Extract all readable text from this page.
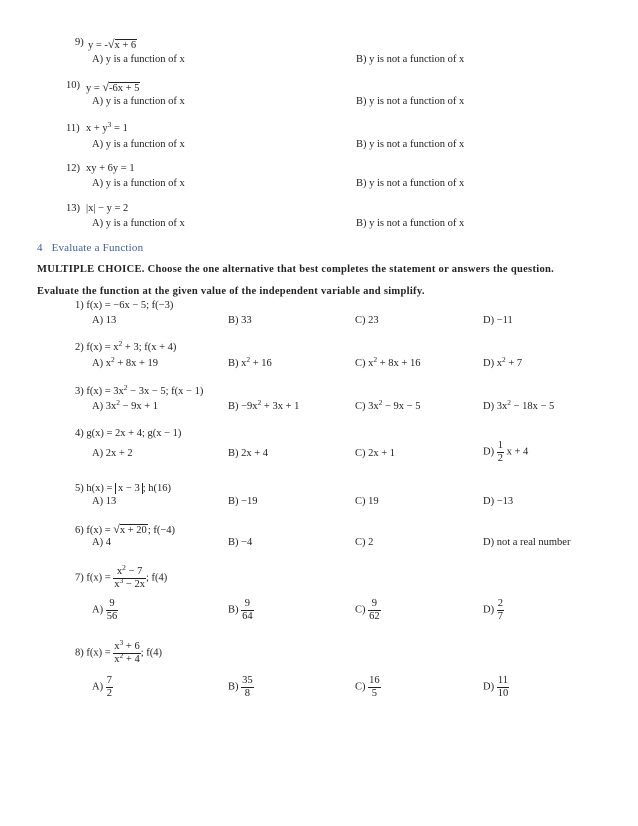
9) y = -√x + 6
A) y is a function of x	B) y is not a function of x
10) y = √-6x + 5
A) y is a function of x	B) y is not a function of x
11) $x + y^3 = 1$
A) y is a function of x	B) y is not a function of x
12) xy + 6y = 1
A) y is a function of x	B) y is not a function of x
13) |x| − y = 2
A) y is a function of x	B) y is not a function of x
4 Evaluate a Function
MULTIPLE CHOICE. Choose the one alternative that best completes the statement or answers the question.
Evaluate the function at the given value of the independent variable and simplify.
1) f(x) = −6x − 5; f(−3)
A) 13	B) 33	C) 23	D) −11
2) $f(x) = x^2 + 3$; f(x + 4)
A) $x^2 + 8x + 19$	B) $x^2 + 16$	C) $x^2 + 8x + 16$	D) $x^2 + 7$
3) $f(x) = 3x^2 - 3x - 5$; f(x − 1)
A) $3x^2 - 9x + 1$	$B) -9x^2 + 3x + 1$	C) $3x^2 - 9x - 5$	D) $3x^2 - 18x - 5$
4) g(x) = 2x + 4; g(x − 1)
A) 2x + 2	B) 2x + 4	C) 2x + 1	$D) \frac{1}{2}$ x + 4
5) h(x) = x − 3 ; h(16)
A) 13	B) −19	C) 19	D) −13
6) f(x) = √x + 20; f(−4)
A) 4	B) −4	C) 2	D) not a real number
7) $f(x) = \frac{x^2 - 7}{x^3 - 2x}$ ; f(4)
$A) \frac{9}{56}$	$B) \frac{9}{64}$	$C) \frac{9}{62}$	$D) \frac{2}{7}$
8) $f(x) = \frac{x^3 + 6}{x^2 + 4}$ ; f(4)
$A) \frac{7}{2}$	$B) \frac{35}{8}$	$C) \frac{16}{5}$	$D) \frac{11}{10}$
